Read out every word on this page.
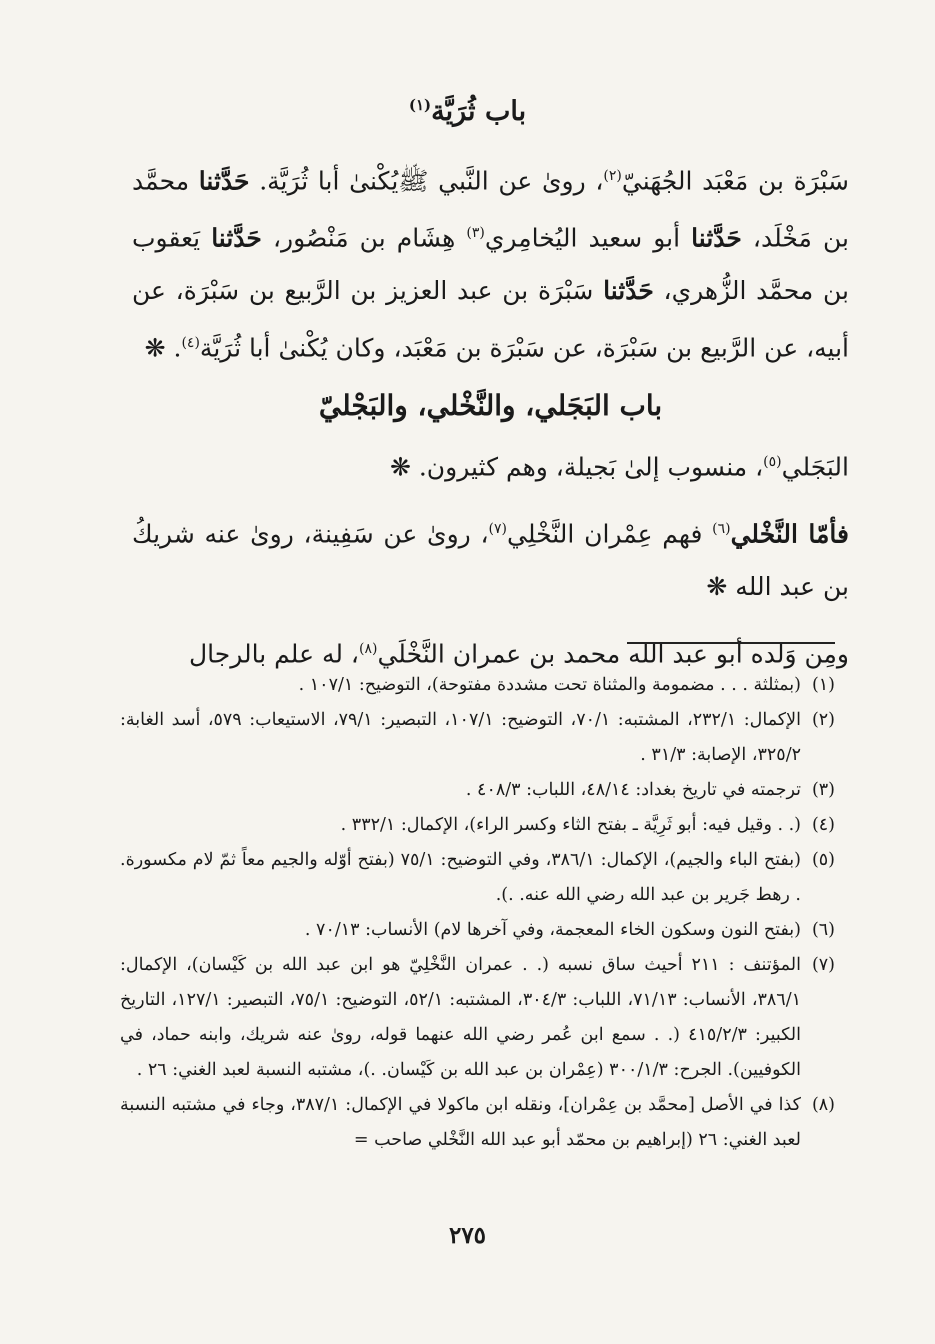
باب ثُرَيَّة$^{(١)}$

سَبْرَة بن مَعْبَد الجُهَنيّ$^{(٢)}$، روىٰ عن النَّبي ﷺيُكْنىٰ أبا ثُرَيَّة. حَدَّثنا محمَّد بن مَخْلَد، حَدَّثنا أبو سعيد اليُخامِري$^{(٣)}$ هِشَام بن مَنْصُور، حَدَّثنا يَعقوب بن محمَّد الزُّهري، حَدَّثنا سَبْرَة بن عبد العزيز بن الرَّبيع بن سَبْرَة، عن أبيه، عن الرَّبيع بن سَبْرَة، عن سَبْرَة بن مَعْبَد، وكان يُكْنىٰ أبا ثُرَيَّة$^{(٤)}$. ❋

باب البَجَلي، والنَّخْلي، والبَجْليّ

البَجَلي$^{(٥)}$، منسوب إلىٰ بَجيلة، وهم كثيرون. ❋

فأمّا النَّخْلي$^{(٦)}$ فهم عِمْران النَّخْلِي$^{(٧)}$، روىٰ عن سَفِينة، روىٰ عنه شريكُ بن عبد الله ❋

ومِن وَلده أبو عبد الله محمد بن عمران النَّخْلَي$^{(٨)}$، له علم بالرجال

(١)
(بمثلثة . . . مضمومة والمثناة تحت مشددة مفتوحة)، التوضيح: ١٠٧/١ .
(٢)
الإكمال: ٢٣٢/١، المشتبه: ٧٠/١، التوضيح: ١٠٧/١، التبصير: ٧٩/١، الاستيعاب: ٥٧٩، أسد الغابة: ٣٢٥/٢، الإصابة: ٣١/٣ .
(٣)
ترجمته في تاريخ بغداد: ٤٨/١٤، اللباب: ٤٠٨/٣ .
(٤)
(. . وقيل فيه: أبو ثَرِيَّة ـ بفتح الثاء وكسر الراء)، الإكمال: ٣٣٢/١ .
(٥)
(بفتح الباء والجيم)، الإكمال: ٣٨٦/١، وفي التوضيح: ٧٥/١ (بفتح أوّله والجيم معاً ثمّ لام مكسورة. . رهط جَرير بن عبد الله رضي الله عنه. .).
(٦)
(بفتح النون وسكون الخاء المعجمة، وفي آخرها لام) الأنساب: ٧٠/١٣ .
(٧)
المؤتنف : ٢١١ أحيث ساق نسبه (. . عمران النَّخْلِيّ هو ابن عبد الله بن كَيْسان)، الإكمال: ٣٨٦/١، الأنساب: ٧١/١٣، اللباب: ٣٠٤/٣، المشتبه: ٥٢/١، التوضيح: ٧٥/١، التبصير: ١٢٧/١، التاريخ الكبير: ٤١٥/٢/٣ (. . سمع ابن عُمر رضي الله عنهما قوله، روىٰ عنه شريك، وابنه حماد، في الكوفيين). الجرح: ٣٠٠/١/٣ (عِمْران بن عبد الله بن كَيْسان. .)، مشتبه النسبة لعبد الغني: ٢٦ .
(٨)
كذا في الأصل [محمَّد بن عِمْران]، ونقله ابن ماكولا في الإكمال: ٣٨٧/١، وجاء في مشتبه النسبة لعبد الغني: ٢٦ (إبراهيم بن محمّد أبو عبد الله النَّخْلي صاحب =
٢٧٥
